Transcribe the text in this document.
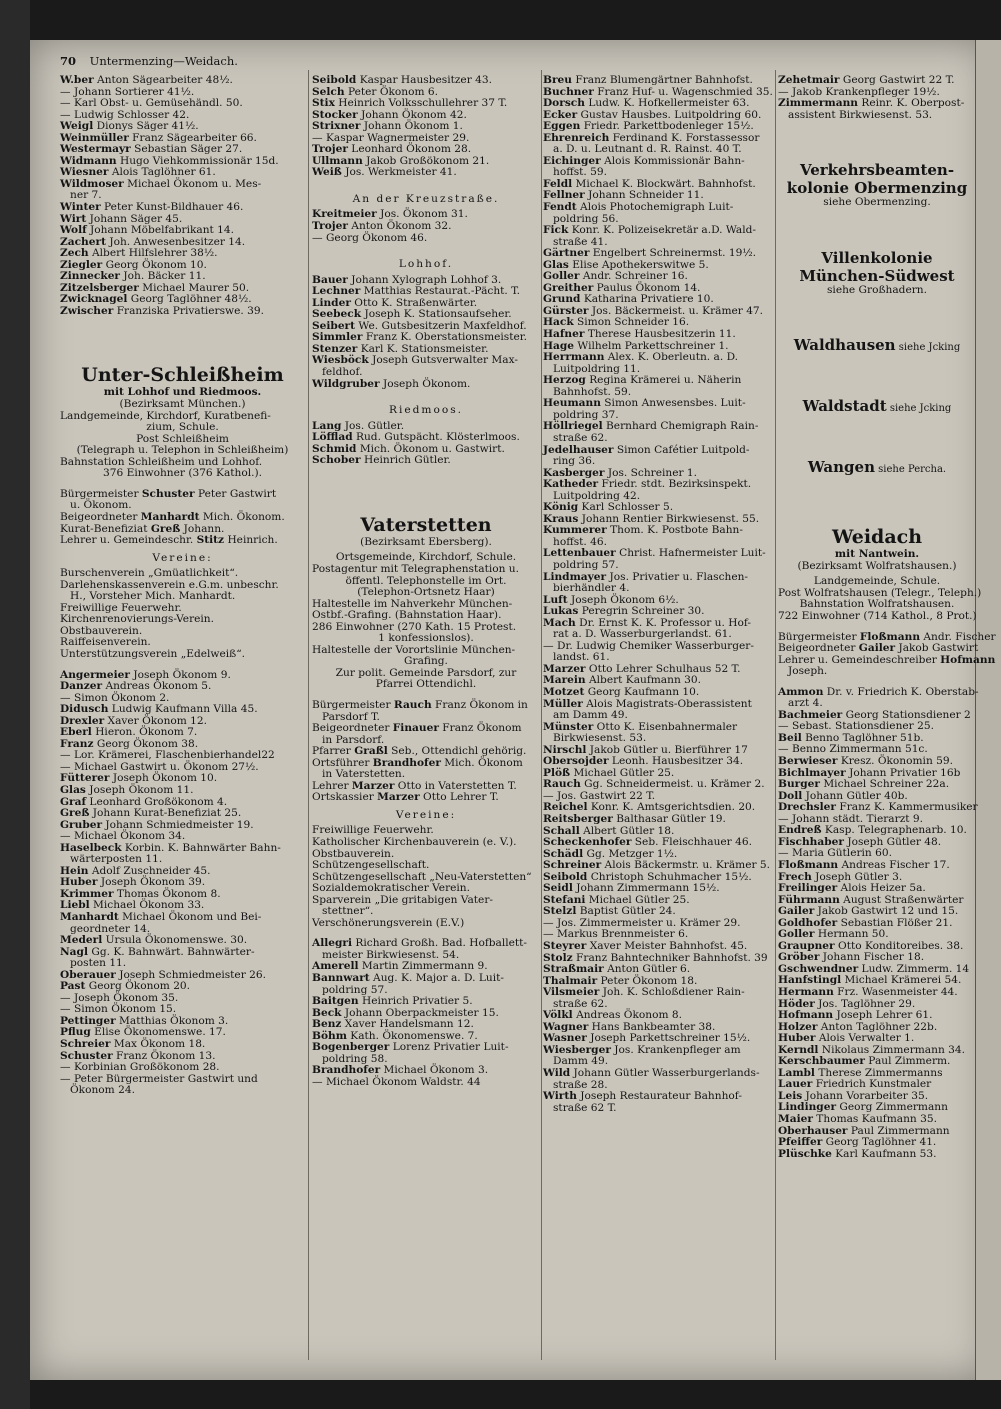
70 Untermenzing—Weidach.
W.ber Anton Sägearbeiter 48½.
— Johann Sortierer 41½.
— Karl Obst- u. Gemüsehändl. 50.
— Ludwig Schlosser 42.
Weigl Dionys Säger 41½.
Weinmüller Franz Sägearbeiter 66.
Westermayr Sebastian Säger 27.
Widmann Hugo Viehkommissionär 15d.
Wiesner Alois Taglöhner 61.
Wildmoser Michael Ökonom u. Mes-
ner 7.
Winter Peter Kunst-Bildhauer 46.
Wirt Johann Säger 45.
Wolf Johann Möbelfabrikant 14.
Zachert Joh. Anwesenbesitzer 14.
Zech Albert Hilfslehrer 38½.
Ziegler Georg Ökonom 10.
Zinnecker Joh. Bäcker 11.
Zitzelsberger Michael Maurer 50.
Zwicknagel Georg Taglöhner 48½.
Zwischer Franziska Privatierswe. 39.
Unter-Schleißheim
mit Lohhof und Riedmoos.
(Bezirksamt München.)
Landgemeinde, Kirchdorf, Kuratbenefi-
zium, Schule.
Post Schleißheim
(Telegraph u. Telephon in Schleißheim)
Bahnstation Schleißheim und Lohhof.
376 Einwohner (376 Kathol.).
Bürgermeister Schuster Peter Gastwirt
u. Ökonom.
Beigeordneter Manhardt Mich. Ökonom.
Kurat-Benefiziat Greß Johann.
Lehrer u. Gemeindeschr. Stitz Heinrich.
Vereine:
Burschenverein „Gmüatlichkeit“.
Darlehenskassenverein e.G.m. unbeschr.
H., Vorsteher Mich. Manhardt.
Freiwillige Feuerwehr.
Kirchenrenovierungs-Verein.
Obstbauverein.
Raiffeisenverein.
Unterstützungsverein „Edelweiß“.
Angermeier Joseph Ökonom 9.
Danzer Andreas Ökonom 5.
— Simon Ökonom 2.
Didusch Ludwig Kaufmann Villa 45.
Drexler Xaver Ökonom 12.
Eberl Hieron. Ökonom 7.
Franz Georg Ökonom 38.
— Lor. Krämerei, Flaschenbierhandel22
— Michael Gastwirt u. Ökonom 27½.
Fütterer Joseph Ökonom 10.
Glas Joseph Ökonom 11.
Graf Leonhard Großökonom 4.
Greß Johann Kurat-Benefiziat 25.
Gruber Johann Schmiedmeister 19.
— Michael Ökonom 34.
Haselbeck Korbin. K. Bahnwärter Bahn-
wärterposten 11.
Hein Adolf Zuschneider 45.
Huber Joseph Ökonom 39.
Krimmer Thomas Ökonom 8.
Liebl Michael Ökonom 33.
Manhardt Michael Ökonom und Bei-
geordneter 14.
Mederl Ursula Ökonomenswe. 30.
Nagl Gg. K. Bahnwärt. Bahnwärter-
posten 11.
Oberauer Joseph Schmiedmeister 26.
Past Georg Ökonom 20.
— Joseph Ökonom 35.
— Simon Ökonom 15.
Pettinger Matthias Ökonom 3.
Pflug Elise Ökonomenswe. 17.
Schreier Max Ökonom 18.
Schuster Franz Ökonom 13.
— Korbinian Großökonom 28.
— Peter Bürgermeister Gastwirt und
Ökonom 24.
Seibold Kaspar Hausbesitzer 43.
Selch Peter Ökonom 6.
Stix Heinrich Volksschullehrer 37 T.
Stocker Johann Ökonom 42.
Strixner Johann Ökonom 1.
— Kaspar Wagnermeister 29.
Trojer Leonhard Ökonom 28.
Ullmann Jakob Großökonom 21.
Weiß Jos. Werkmeister 41.
An der Kreuzstraße.
Kreitmeier Jos. Ökonom 31.
Trojer Anton Ökonom 32.
— Georg Ökonom 46.
Lohhof.
Bauer Johann Xylograph Lohhof 3.
Lechner Matthias Restaurat.-Pächt. T.
Linder Otto K. Straßenwärter.
Seebeck Joseph K. Stationsaufseher.
Seibert We. Gutsbesitzerin Maxfeldhof.
Simmler Franz K. Oberstationsmeister.
Stenzer Karl K. Stationsmeister.
Wiesböck Joseph Gutsverwalter Max-
feldhof.
Wildgruber Joseph Ökonom.
Riedmoos.
Lang Jos. Gütler.
Löfflad Rud. Gutspächt. Klösterlmoos.
Schmid Mich. Ökonom u. Gastwirt.
Schober Heinrich Gütler.
Vaterstetten
(Bezirksamt Ebersberg).
Ortsgemeinde, Kirchdorf, Schule.
Postagentur mit Telegraphenstation u.
öffentl. Telephonstelle im Ort.
(Telephon-Ortsnetz Haar)
Haltestelle im Nahverkehr München-
Ostbf.-Grafing. (Bahnstation Haar).
286 Einwohner (270 Kath. 15 Protest.
1 konfessionslos).
Haltestelle der Vorortslinie München-
Grafing.
Zur polit. Gemeinde Parsdorf, zur
Pfarrei Ottendichl.
Bürgermeister Rauch Franz Ökonom in
Parsdorf T.
Beigeordneter Finauer Franz Ökonom
in Parsdorf.
Pfarrer Graßl Seb., Ottendichl gehörig.
Ortsführer Brandhofer Mich. Ökonom
in Vaterstetten.
Lehrer Marzer Otto in Vaterstetten T.
Ortskassier Marzer Otto Lehrer T.
Vereine:
Freiwillige Feuerwehr.
Katholischer Kirchenbauverein (e. V.).
Obstbauverein.
Schützengesellschaft.
Schützengesellschaft „Neu-Vaterstetten“
Sozialdemokratischer Verein.
Sparverein „Die gritabigen Vater-
stettner“.
Verschönerungsverein (E.V.)
Allegri Richard Großh. Bad. Hofballett-
meister Birkwiesenst. 54.
Amerell Martin Zimmermann 9.
Bannwart Aug. K. Major a. D. Luit-
poldring 57.
Baitgen Heinrich Privatier 5.
Beck Johann Oberpackmeister 15.
Benz Xaver Handelsmann 12.
Böhm Kath. Ökonomenswe. 7.
Bogenberger Lorenz Privatier Luit-
poldring 58.
Brandhofer Michael Ökonom 3.
— Michael Ökonom Waldstr. 44
Breu Franz Blumengärtner Bahnhofst.
Buchner Franz Huf- u. Wagenschmied 35.
Dorsch Ludw. K. Hofkellermeister 63.
Ecker Gustav Hausbes. Luitpoldring 60.
Eggen Friedr. Parkettbodenleger 15½.
Ehrenreich Ferdinand K. Forstassessor
a. D. u. Leutnant d. R. Rainst. 40 T.
Eichinger Alois Kommissionär Bahn-
hoffst. 59.
Feldl Michael K. Blockwärt. Bahnhofst.
Fellner Johann Schneider 11.
Fendt Alois Photochemigraph Luit-
poldring 56.
Fick Konr. K. Polizeisekretär a.D. Wald-
straße 41.
Gärtner Engelbert Schreinermst. 19½.
Glas Elise Apothekerswitwe 5.
Goller Andr. Schreiner 16.
Greither Paulus Ökonom 14.
Grund Katharina Privatiere 10.
Gürster Jos. Bäckermeist. u. Krämer 47.
Hack Simon Schneider 16.
Hafner Therese Hausbesitzerin 11.
Hage Wilhelm Parkettschreiner 1.
Herrmann Alex. K. Oberleutn. a. D.
Luitpoldring 11.
Herzog Regina Krämerei u. Näherin
Bahnhofst. 59.
Heumann Simon Anwesensbes. Luit-
poldring 37.
Höllriegel Bernhard Chemigraph Rain-
straße 62.
Jedelhauser Simon Cafétier Luitpold-
ring 36.
Kasberger Jos. Schreiner 1.
Katheder Friedr. stdt. Bezirksinspekt.
Luitpoldring 42.
König Karl Schlosser 5.
Kraus Johann Rentier Birkwiesenst. 55.
Kummerer Thom. K. Postbote Bahn-
hoffst. 46.
Lettenbauer Christ. Hafnermeister Luit-
poldring 57.
Lindmayer Jos. Privatier u. Flaschen-
bierhändler 4.
Luft Joseph Ökonom 6½.
Lukas Peregrin Schreiner 30.
Mach Dr. Ernst K. K. Professor u. Hof-
rat a. D. Wasserburgerlandst. 61.
— Dr. Ludwig Chemiker Wasserburger-
landst. 61.
Marzer Otto Lehrer Schulhaus 52 T.
Marein Albert Kaufmann 30.
Motzet Georg Kaufmann 10.
Müller Alois Magistrats-Oberassistent
am Damm 49.
Münster Otto K. Eisenbahnermaler
Birkwiesenst. 53.
Nirschl Jakob Gütler u. Bierführer 17
Obersojder Leonh. Hausbesitzer 34.
Plöß Michael Gütler 25.
Rauch Gg. Schneidermeist. u. Krämer 2.
— Jos. Gastwirt 22 T.
Reichel Konr. K. Amtsgerichtsdien. 20.
Reitsberger Balthasar Gütler 19.
Schall Albert Gütler 18.
Scheckenhofer Seb. Fleischhauer 46.
Schädl Gg. Metzger 1½.
Schreiner Alois Bäckermstr. u. Krämer 5.
Seibold Christoph Schuhmacher 15½.
Seidl Johann Zimmermann 15½.
Stefani Michael Gütler 25.
Stelzl Baptist Gütler 24.
— Jos. Zimmermeister u. Krämer 29.
— Markus Brennmeister 6.
Steyrer Xaver Meister Bahnhofst. 45.
Stolz Franz Bahntechniker Bahnhofst. 39
Straßmair Anton Gütler 6.
Thalmair Peter Ökonom 18.
Vilsmeier Joh. K. Schloßdiener Rain-
straße 62.
Völkl Andreas Ökonom 8.
Wagner Hans Bankbeamter 38.
Wasner Joseph Parkettschreiner 15½.
Wiesberger Jos. Krankenpfleger am
Damm 49.
Wild Johann Gütler Wasserburgerlands-
straße 28.
Wirth Joseph Restaurateur Bahnhof-
straße 62 T.
Zehetmair Georg Gastwirt 22 T.
— Jakob Krankenpfleger 19½.
Zimmermann Reinr. K. Oberpost-
assistent Birkwiesenst. 53.
Verkehrsbeamten-
kolonie Obermenzing
siehe Obermenzing.
Villenkolonie
München-Südwest
siehe Großhadern.
Waldhausen siehe Jcking
Waldstadt siehe Jcking
Wangen siehe Percha.
Weidach
mit Nantwein.
(Bezirksamt Wolfratshausen.)
Landgemeinde, Schule.
Post Wolfratshausen (Telegr., Teleph.)
Bahnstation Wolfratshausen.
722 Einwohner (714 Kathol., 8 Prot.)
Bürgermeister Floßmann Andr. Fischer
Beigeordneter Gailer Jakob Gastwirt
Lehrer u. Gemeindeschreiber Hofmann
Joseph.
Ammon Dr. v. Friedrich K. Oberstab-
arzt 4.
Bachmeier Georg Stationsdiener 2
— Sebast. Stationsdiener 25.
Beil Benno Taglöhner 51b.
— Benno Zimmermann 51c.
Berwieser Kresz. Ökonomin 59.
Bichlmayer Johann Privatier 16b
Burger Michael Schreiner 22a.
Doll Johann Gütler 40b.
Drechsler Franz K. Kammermusiker
— Johann städt. Tierarzt 9.
Endreß Kasp. Telegraphenarb. 10.
Fischhaber Joseph Gütler 48.
— Maria Gütlerin 60.
Floßmann Andreas Fischer 17.
Frech Joseph Gütler 3.
Freilinger Alois Heizer 5a.
Führmann August Straßenwärter
Gailer Jakob Gastwirt 12 und 15.
Goldhofer Sebastian Flößer 21.
Goller Hermann 50.
Graupner Otto Konditoreibes. 38.
Gröber Johann Fischer 18.
Gschwendner Ludw. Zimmerm. 14
Hanfstingl Michael Krämerei 54.
Hermann Frz. Wasenmeister 44.
Höder Jos. Taglöhner 29.
Hofmann Joseph Lehrer 61.
Holzer Anton Taglöhner 22b.
Huber Alois Verwalter 1.
Kerndl Nikolaus Zimmermann 34.
Kerschbaumer Paul Zimmerm.
Lambl Therese Zimmermanns
Lauer Friedrich Kunstmaler
Leis Johann Vorarbeiter 35.
Lindinger Georg Zimmermann
Maier Thomas Kaufmann 35.
Oberhauser Paul Zimmermann
Pfeiffer Georg Taglöhner 41.
Plüschke Karl Kaufmann 53.
